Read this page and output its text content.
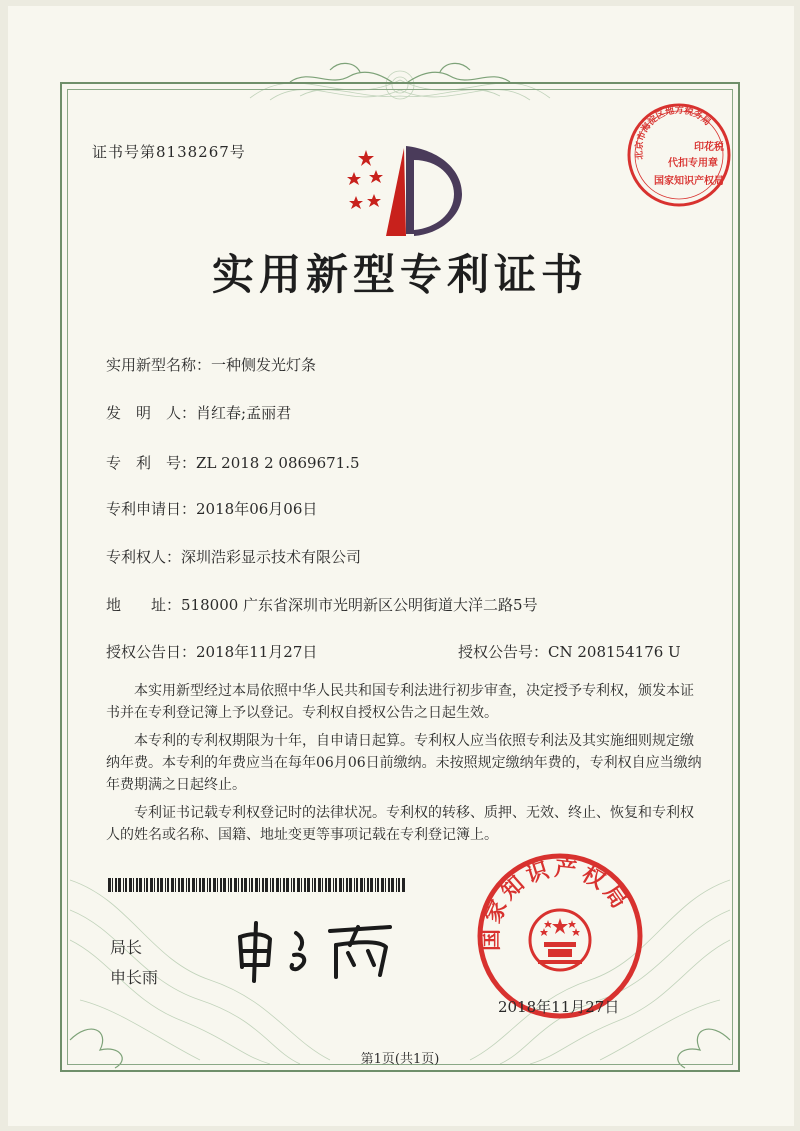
证书号第8138267号	北京市海淀区地方税务局
印花税
代扣专用章
国家知识产权局
实用新型专利证书
实用新型名称：一种侧发光灯条
发　明　人：肖红春;孟丽君
专　利　号：ZL 2018 2 0869671.5
专利申请日：2018年06月06日
专利权人：深圳浩彩显示技术有限公司
地　　址：518000 广东省深圳市光明新区公明街道大洋二路5号
授权公告日：2018年11月27日	授权公告号：CN 208154176 U

本实用新型经过本局依照中华人民共和国专利法进行初步审查，决定授予专利权，颁发本证书并在专利登记簿上予以登记。专利权自授权公告之日起生效。

本专利的专利权期限为十年，自申请日起算。专利权人应当依照专利法及其实施细则规定缴纳年费。本专利的年费应当在每年06月06日前缴纳。未按照规定缴纳年费的，专利权自应当缴纳年费期满之日起终止。

专利证书记载专利权登记时的法律状况。专利权的转移、质押、无效、终止、恢复和专利权人的姓名或名称、国籍、地址变更等事项记载在专利登记簿上。

局长
申长雨
国家知识产权局
2018年11月27日
第1页(共1页)
